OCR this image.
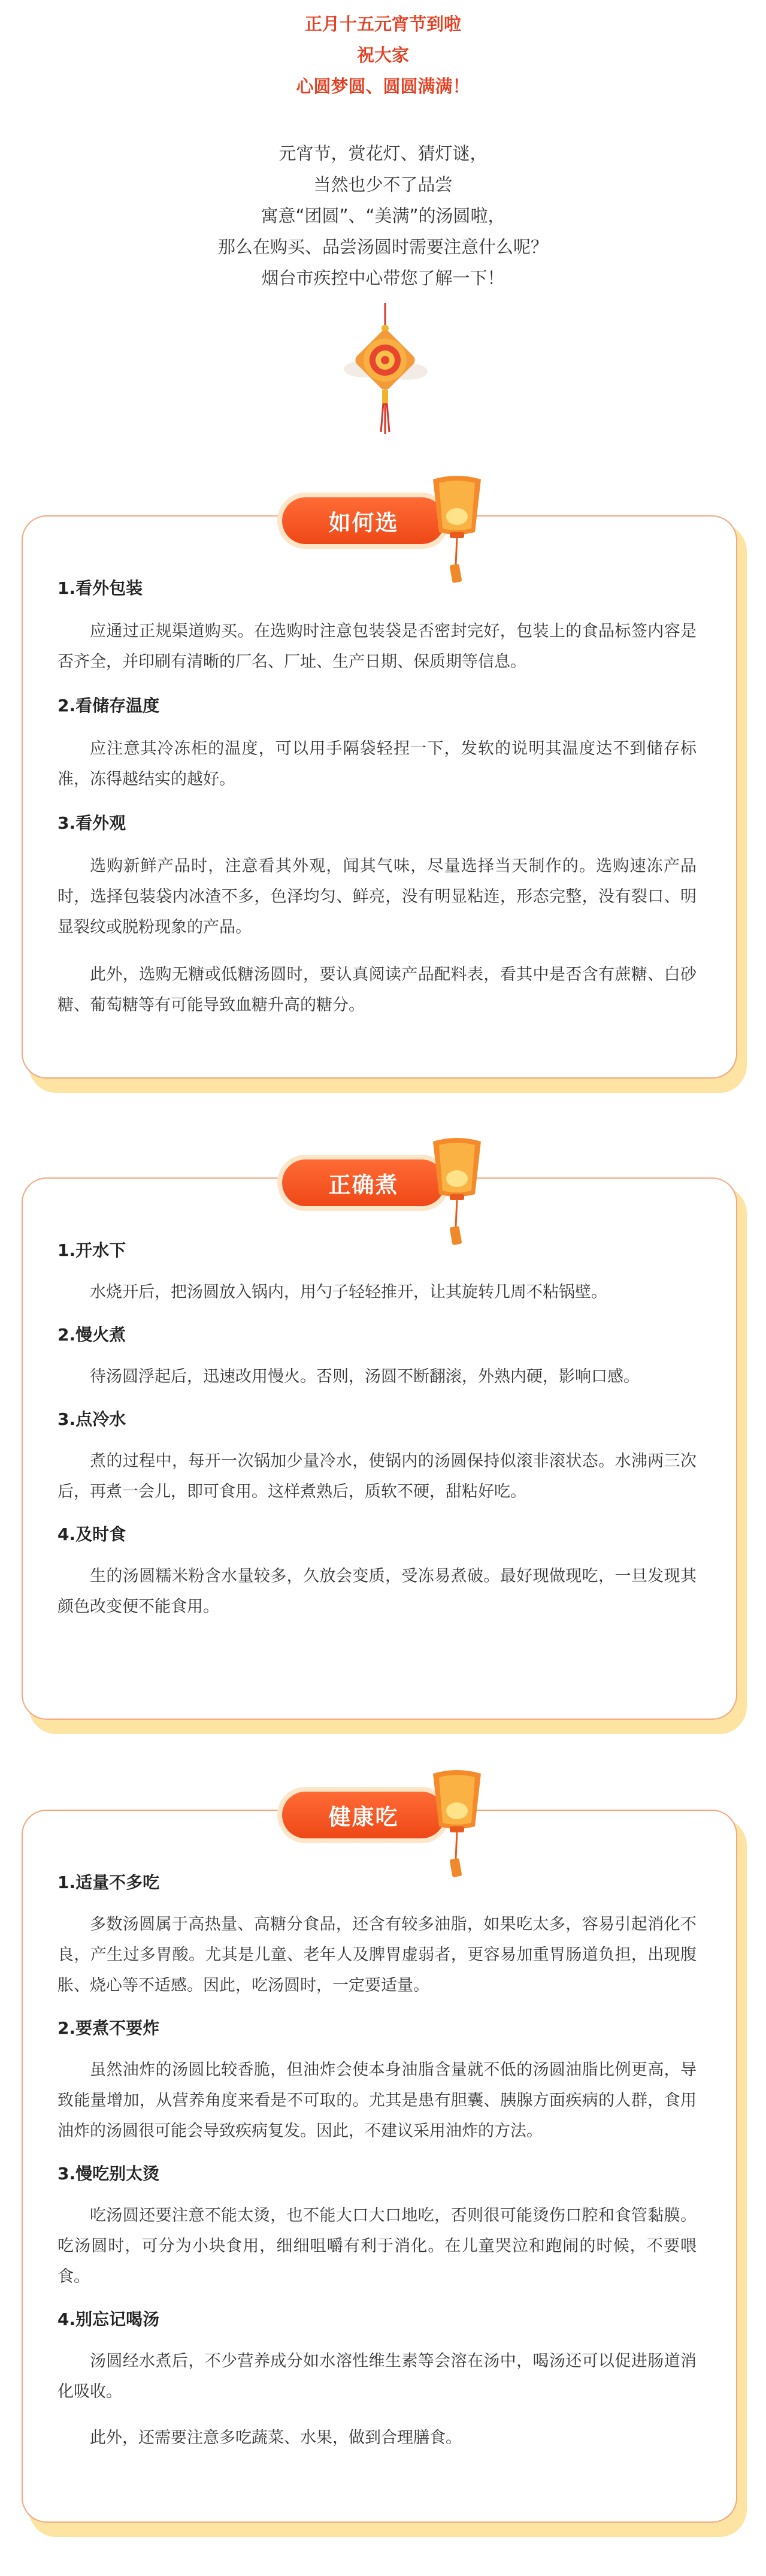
正月十五元宵节到啦

祝大家

心圆梦圆、圆圆满满！

元宵节，赏花灯、猜灯谜，

当然也少不了品尝

寓意“团圆”、“美满”的汤圆啦，

那么在购买、品尝汤圆时需要注意什么呢？

烟台市疾控中心带您了解一下！

如何选

1.看外包装

应通过正规渠道购买。在选购时注意包装袋是否密封完好，包装上的食品标签内容是否齐全，并印刷有清晰的厂名、厂址、生产日期、保质期等信息。

2.看储存温度

应注意其冷冻柜的温度，可以用手隔袋轻捏一下，发软的说明其温度达不到储存标准，冻得越结实的越好。

3.看外观

选购新鲜产品时，注意看其外观，闻其气味，尽量选择当天制作的。选购速冻产品时，选择包装袋内冰渣不多，色泽均匀、鲜亮，没有明显粘连，形态完整，没有裂口、明显裂纹或脱粉现象的产品。

此外，选购无糖或低糖汤圆时，要认真阅读产品配料表，看其中是否含有蔗糖、白砂糖、葡萄糖等有可能导致血糖升高的糖分。

正确煮

1.开水下

水烧开后，把汤圆放入锅内，用勺子轻轻推开，让其旋转几周不粘锅壁。

2.慢火煮

待汤圆浮起后，迅速改用慢火。否则，汤圆不断翻滚，外熟内硬，影响口感。

3.点冷水

煮的过程中，每开一次锅加少量冷水，使锅内的汤圆保持似滚非滚状态。水沸两三次后，再煮一会儿，即可食用。这样煮熟后，质软不硬，甜粘好吃。

4.及时食

生的汤圆糯米粉含水量较多，久放会变质，受冻易煮破。最好现做现吃，一旦发现其颜色改变便不能食用。

健康吃

1.适量不多吃

多数汤圆属于高热量、高糖分食品，还含有较多油脂，如果吃太多，容易引起消化不良，产生过多胃酸。尤其是儿童、老年人及脾胃虚弱者，更容易加重胃肠道负担，出现腹胀、烧心等不适感。因此，吃汤圆时，一定要适量。

2.要煮不要炸

虽然油炸的汤圆比较香脆，但油炸会使本身油脂含量就不低的汤圆油脂比例更高，导致能量增加，从营养角度来看是不可取的。尤其是患有胆囊、胰腺方面疾病的人群，食用油炸的汤圆很可能会导致疾病复发。因此，不建议采用油炸的方法。

3.慢吃别太烫

吃汤圆还要注意不能太烫，也不能大口大口地吃，否则很可能烫伤口腔和食管黏膜。吃汤圆时，可分为小块食用，细细咀嚼有利于消化。在儿童哭泣和跑闹的时候，不要喂食。

4.别忘记喝汤

汤圆经水煮后，不少营养成分如水溶性维生素等会溶在汤中，喝汤还可以促进肠道消化吸收。

此外，还需要注意多吃蔬菜、水果，做到合理膳食。
